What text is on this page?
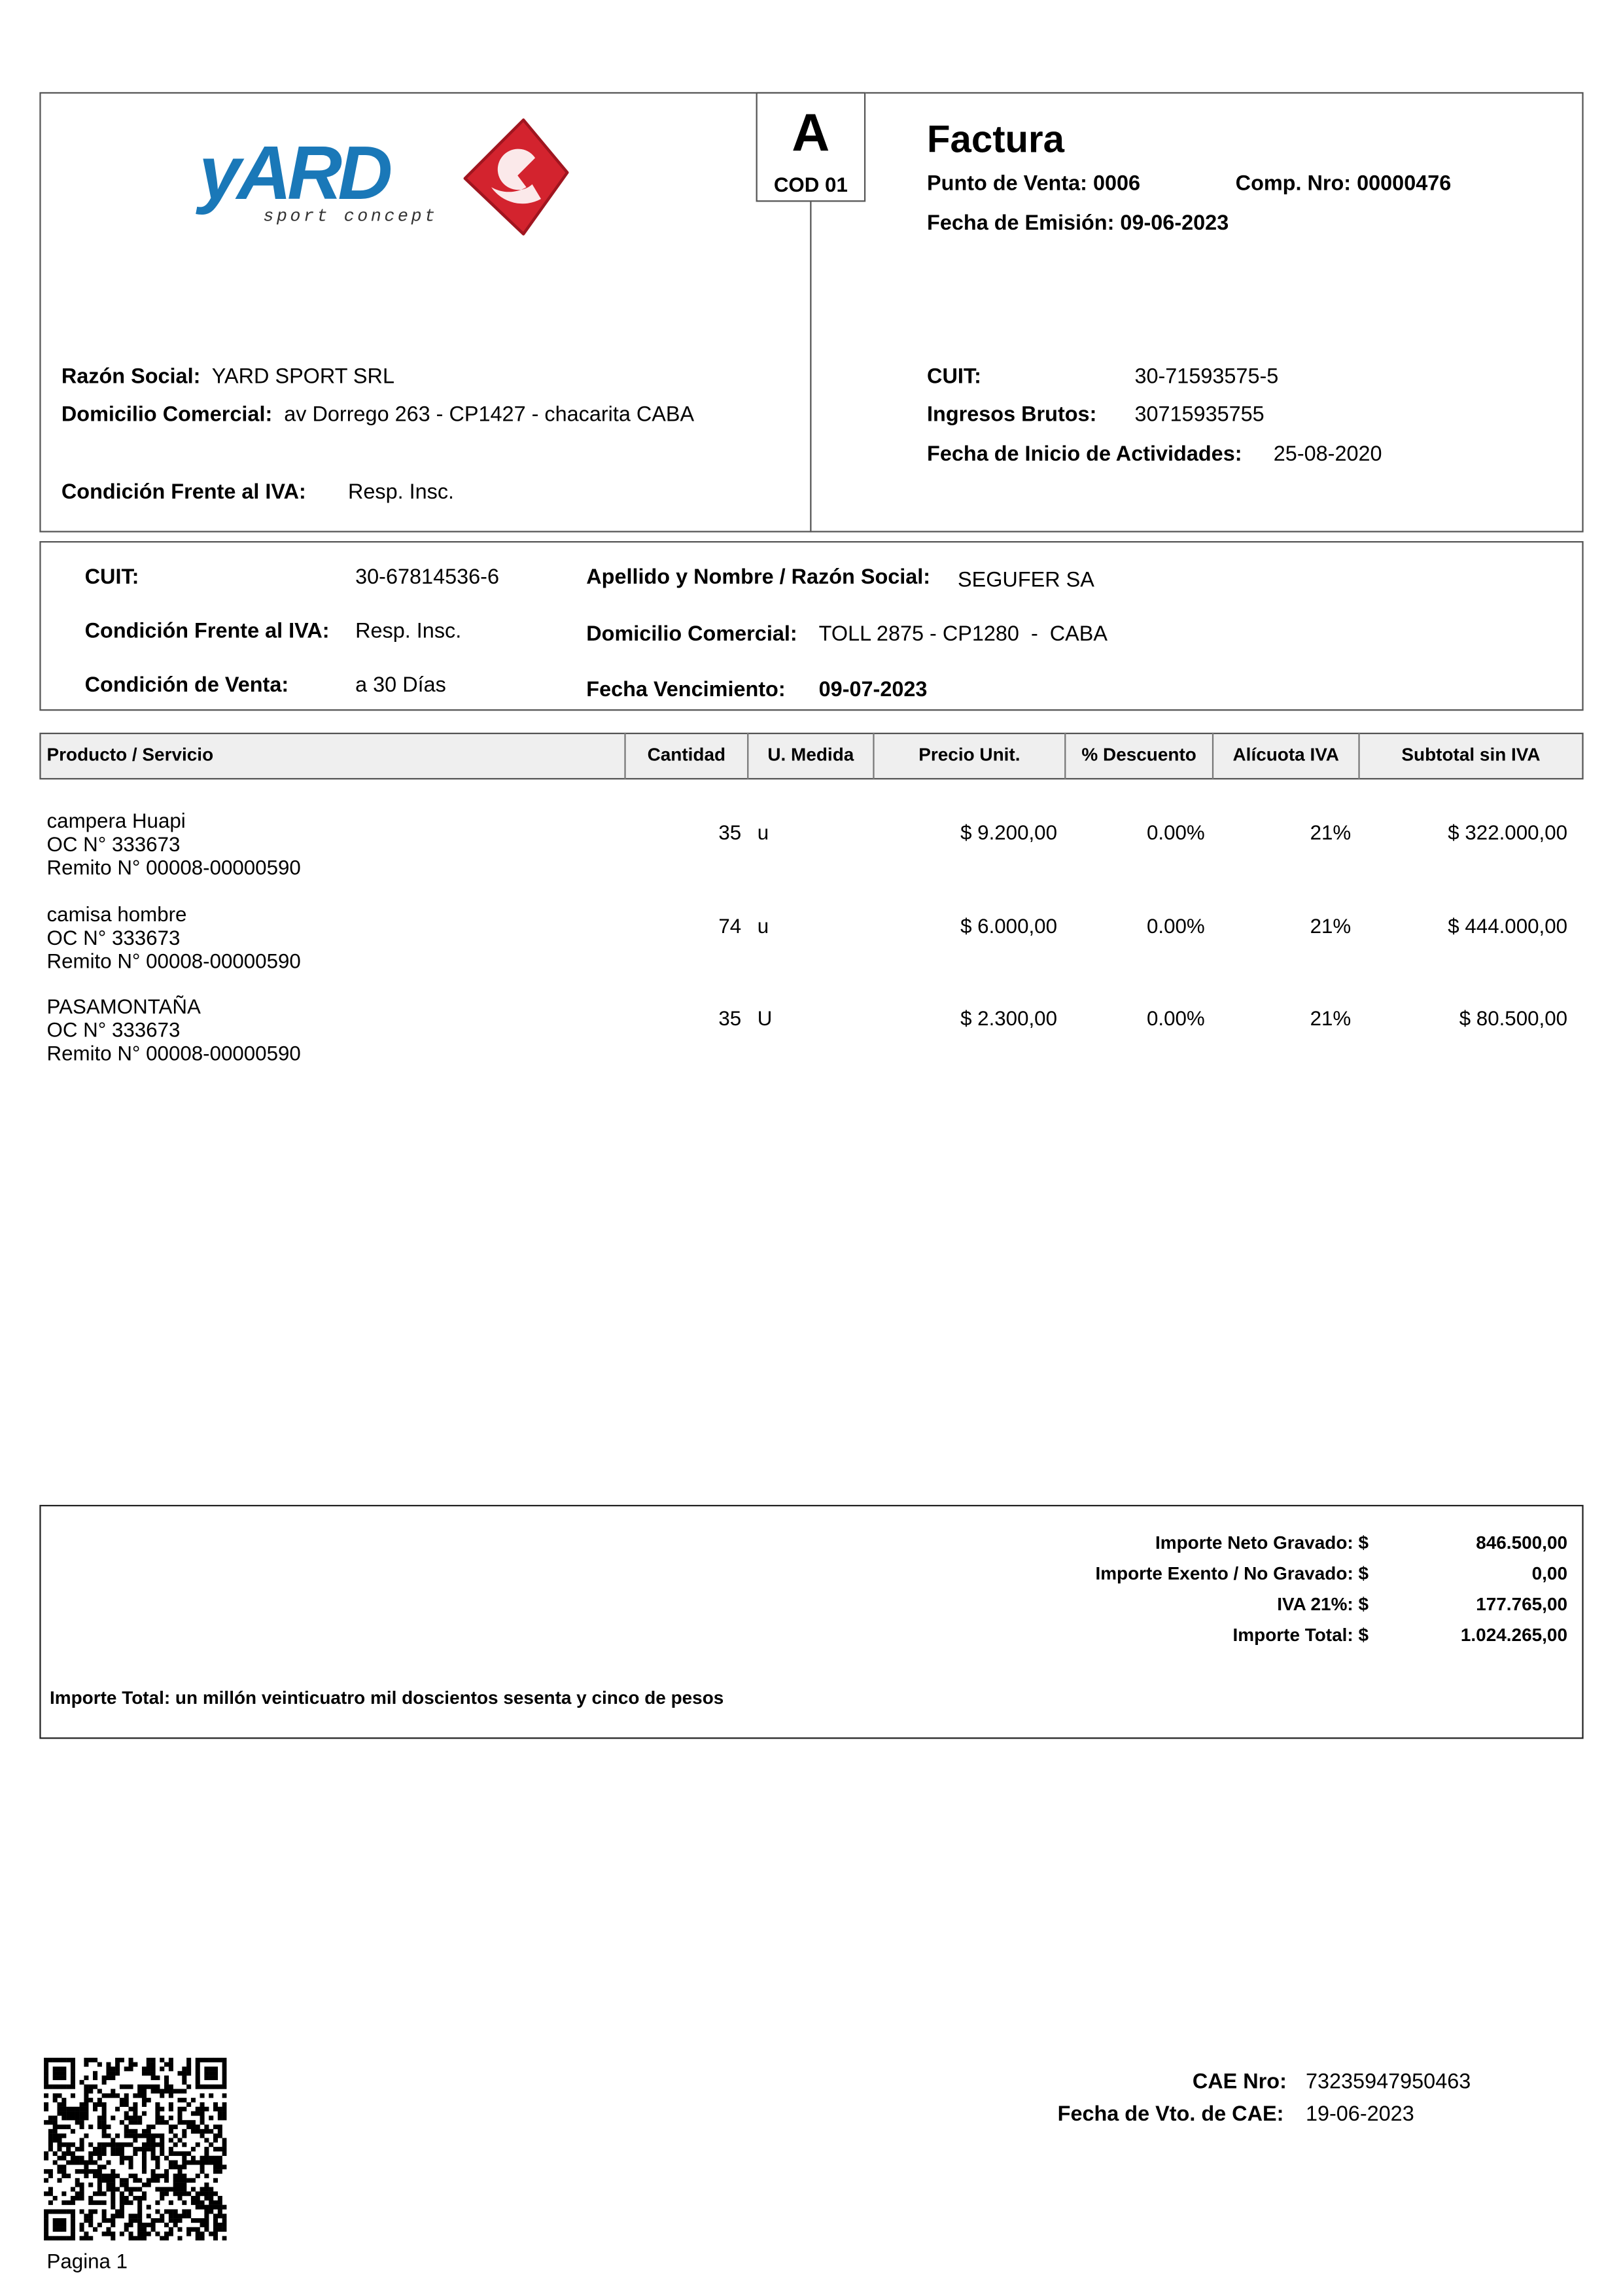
A
COD 01
yARD
sport concept
Factura
Punto de Venta: 0006	Comp. Nro: 00000476
Fecha de Emisión: 09-06-2023
Razón Social: YARD SPORT SRL
Domicilio Comercial: av Dorrego 263 - CP1427 - chacarita CABA
Condición Frente al IVA:	Resp. Insc.
CUIT:	30-71593575-5
Ingresos Brutos:	30715935755
Fecha de Inicio de Actividades:	25-08-2020
CUIT:	30-67814536-6
Condición Frente al IVA:	Resp. Insc.
Condición de Venta:	a 30 Días
Apellido y Nombre / Razón Social:	SEGUFER SA
Domicilio Comercial: TOLL 2875 - CP1280  -  CABA
Fecha Vencimiento:	09-07-2023
Producto / Servicio	Cantidad	U. Medida	Precio Unit.	% Descuento	Alícuota IVA	Subtotal sin IVA
campera Huapi
OC N° 333673
Remito N° 00008-00000590
35 u	$ 9.200,00	0.00%	21%	$ 322.000,00
camisa hombre
OC N° 333673
Remito N° 00008-00000590
74 u	$ 6.000,00	0.00%	21%	$ 444.000,00
PASAMONTAÑA
OC N° 333673
Remito N° 00008-00000590
35 U	$ 2.300,00	0.00%	21%	$ 80.500,00
Importe Neto Gravado: $	846.500,00
Importe Exento / No Gravado: $	0,00
IVA 21%: $	177.765,00
Importe Total: $	1.024.265,00
Importe Total: un millón veinticuatro mil doscientos sesenta y cinco de pesos
Pagina 1
CAE Nro: 73235947950463
Fecha de Vto. de CAE: 19-06-2023
